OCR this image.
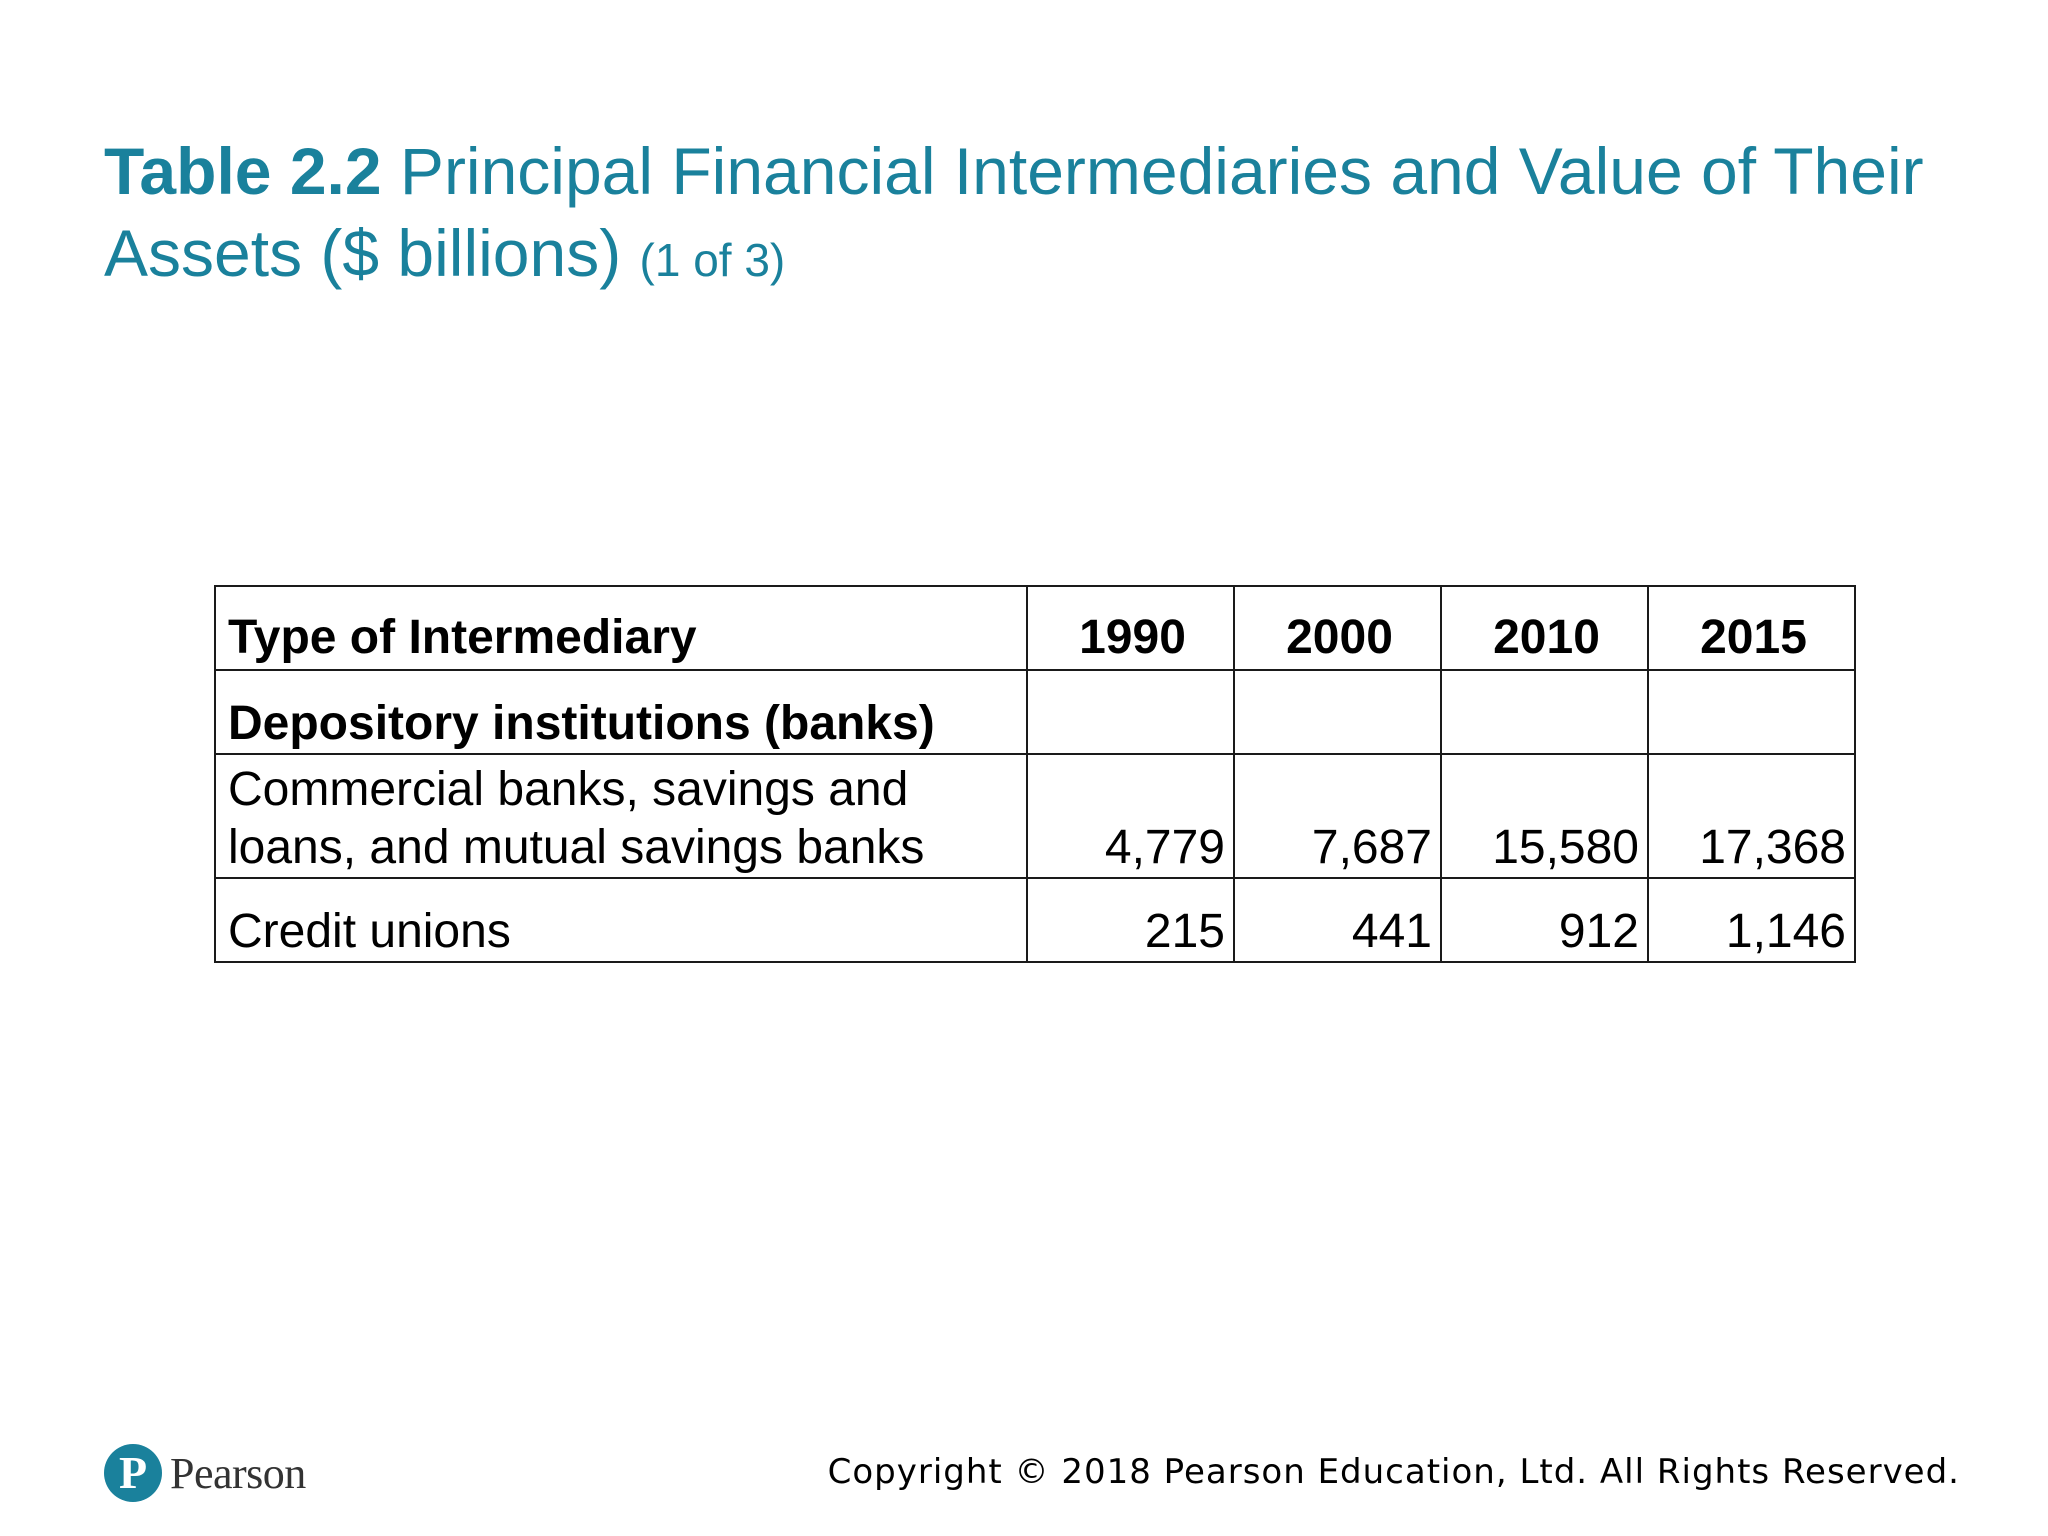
Table 2.2 Principal Financial Intermediaries and Value of Their Assets ($ billions) (1 of 3)
Type of Intermediary	1990	2000	2010	2015
Depository institutions (banks)				
Commercial banks, savings and loans, and mutual savings banks	4,779	7,687	15,580	17,368
Credit unions	215	441	912	1,146
P Pearson	Copyright © 2018 Pearson Education, Ltd. All Rights Reserved.
